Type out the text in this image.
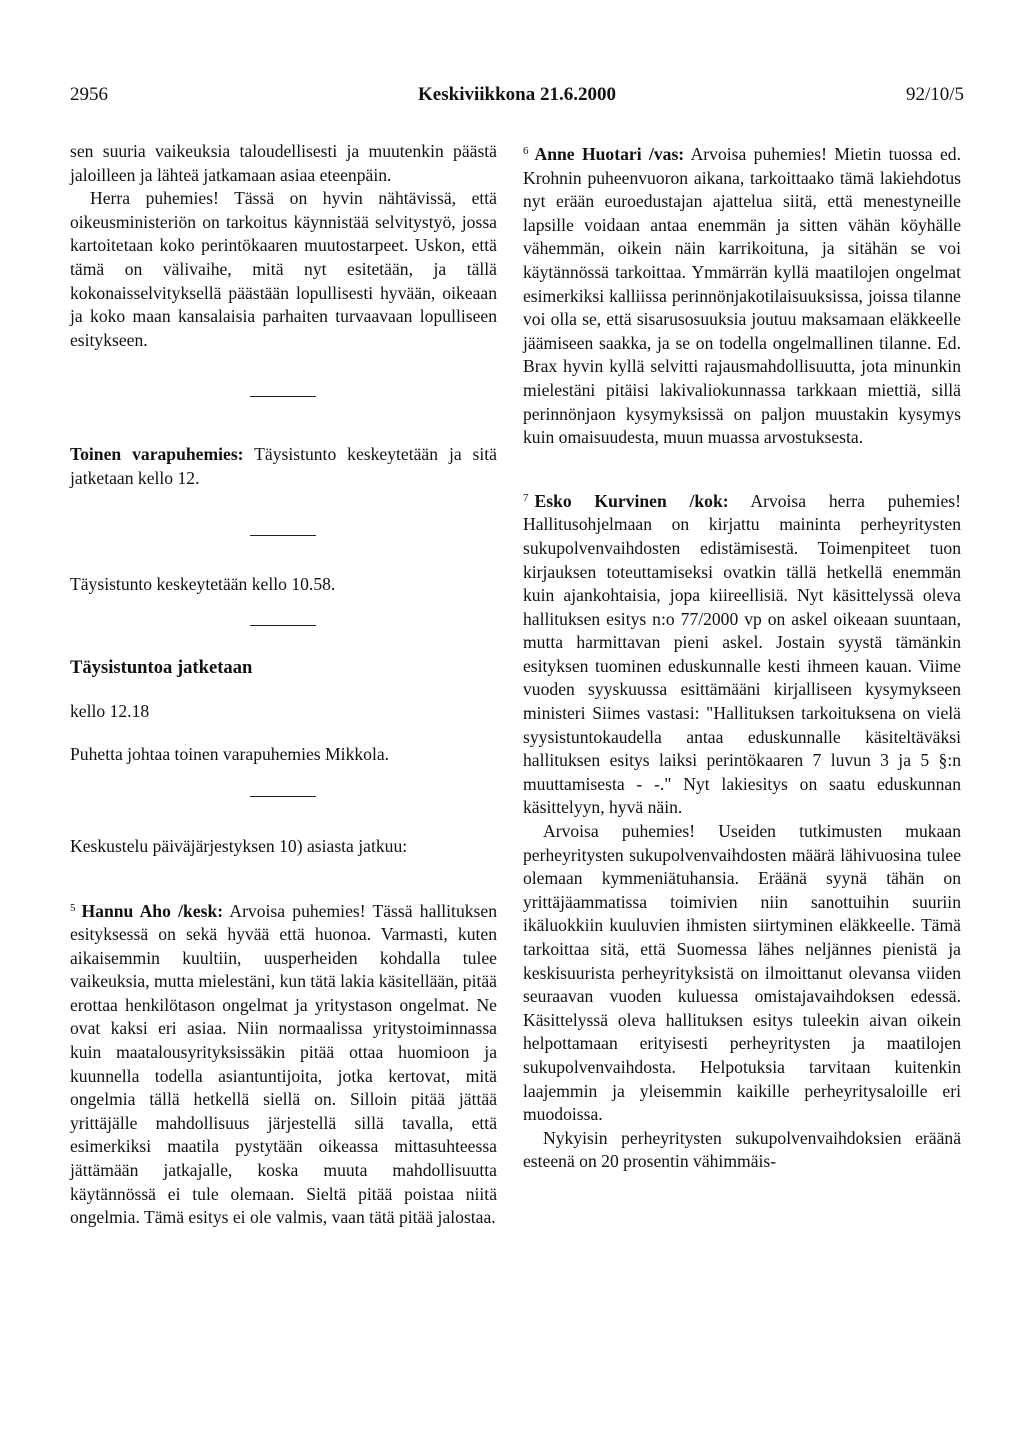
2956	Keskiviikkona 21.6.2000	92/10/5

sen suuria vaikeuksia taloudellisesti ja muutenkin päästä jaloilleen ja lähteä jatkamaan asiaa eteenpäin.

Herra puhemies! Tässä on hyvin nähtävissä, että oikeusministeriön on tarkoitus käynnistää selvitystyö, jossa kartoitetaan koko perintökaaren muutostarpeet. Uskon, että tämä on välivaihe, mitä nyt esitetään, ja tällä kokonaisselvityksellä päästään lopullisesti hyvään, oikeaan ja koko maan kansalaisia parhaiten turvaavaan lopulliseen esitykseen.

Toinen varapuhemies: Täysistunto keskeytetään ja sitä jatketaan kello 12.

Täysistunto keskeytetään kello 10.58.

Täysistuntoa jatketaan

kello 12.18

Puhetta johtaa toinen varapuhemies Mikkola.

Keskustelu päiväjärjestyksen 10) asiasta jatkuu:

$^5$ Hannu Aho /kesk: Arvoisa puhemies! Tässä hallituksen esityksessä on sekä hyvää että huonoa. Varmasti, kuten aikaisemmin kuultiin, uusperheiden kohdalla tulee vaikeuksia, mutta mielestäni, kun tätä lakia käsitellään, pitää erottaa henkilötason ongelmat ja yritystason ongelmat. Ne ovat kaksi eri asiaa. Niin normaalissa yritystoiminnassa kuin maatalousyrityksissäkin pitää ottaa huomioon ja kuunnella todella asiantuntijoita, jotka kertovat, mitä ongelmia tällä hetkellä siellä on. Silloin pitää jättää yrittäjälle mahdollisuus järjestellä sillä tavalla, että esimerkiksi maatila pystytään oikeassa mittasuhteessa jättämään jatkajalle, koska muuta mahdollisuutta käytännössä ei tule olemaan. Sieltä pitää poistaa niitä ongelmia. Tämä esitys ei ole valmis, vaan tätä pitää jalostaa.

$^6$ Anne Huotari /vas: Arvoisa puhemies! Mietin tuossa ed. Krohnin puheenvuoron aikana, tarkoittaako tämä lakiehdotus nyt erään euroedustajan ajattelua siitä, että menestyneille lapsille voidaan antaa enemmän ja sitten vähän köyhälle vähemmän, oikein näin karrikoituna, ja sitähän se voi käytännössä tarkoittaa. Ymmärrän kyllä maatilojen ongelmat esimerkiksi kalliissa perinnönjakotilaisuuksissa, joissa tilanne voi olla se, että sisarusosuuksia joutuu maksamaan eläkkeelle jäämiseen saakka, ja se on todella ongelmallinen tilanne. Ed. Brax hyvin kyllä selvitti rajausmahdollisuutta, jota minunkin mielestäni pitäisi lakivaliokunnassa tarkkaan miettiä, sillä perinnönjaon kysymyksissä on paljon muustakin kysymys kuin omaisuudesta, muun muassa arvostuksesta.

$^7$ Esko Kurvinen /kok: Arvoisa herra puhemies! Hallitusohjelmaan on kirjattu maininta perheyritysten sukupolvenvaihdosten edistämisestä. Toimenpiteet tuon kirjauksen toteuttamiseksi ovatkin tällä hetkellä enemmän kuin ajankohtaisia, jopa kiireellisiä. Nyt käsittelyssä oleva hallituksen esitys n:o 77/2000 vp on askel oikeaan suuntaan, mutta harmittavan pieni askel. Jostain syystä tämänkin esityksen tuominen eduskunnalle kesti ihmeen kauan. Viime vuoden syyskuussa esittämääni kirjalliseen kysymykseen ministeri Siimes vastasi: "Hallituksen tarkoituksena on vielä syysistuntokaudella antaa eduskunnalle käsiteltäväksi hallituksen esitys laiksi perintökaaren 7 luvun 3 ja 5 §:n muuttamisesta - -." Nyt lakiesitys on saatu eduskunnan käsittelyyn, hyvä näin.

Arvoisa puhemies! Useiden tutkimusten mukaan perheyritysten sukupolvenvaihdosten määrä lähivuosina tulee olemaan kymmeniätuhansia. Eräänä syynä tähän on yrittäjäammatissa toimivien niin sanottuihin suuriin ikäluokkiin kuuluvien ihmisten siirtyminen eläkkeelle. Tämä tarkoittaa sitä, että Suomessa lähes neljännes pienistä ja keskisuurista perheyrityksistä on ilmoittanut olevansa viiden seuraavan vuoden kuluessa omistajavaihdoksen edessä. Käsittelyssä oleva hallituksen esitys tuleekin aivan oikein helpottamaan erityisesti perheyritysten ja maatilojen sukupolvenvaihdosta. Helpotuksia tarvitaan kuitenkin laajemmin ja yleisemmin kaikille perheyritysaloille eri muodoissa.

Nykyisin perheyritysten sukupolvenvaihdoksien eräänä esteenä on 20 prosentin vähimmäis-
